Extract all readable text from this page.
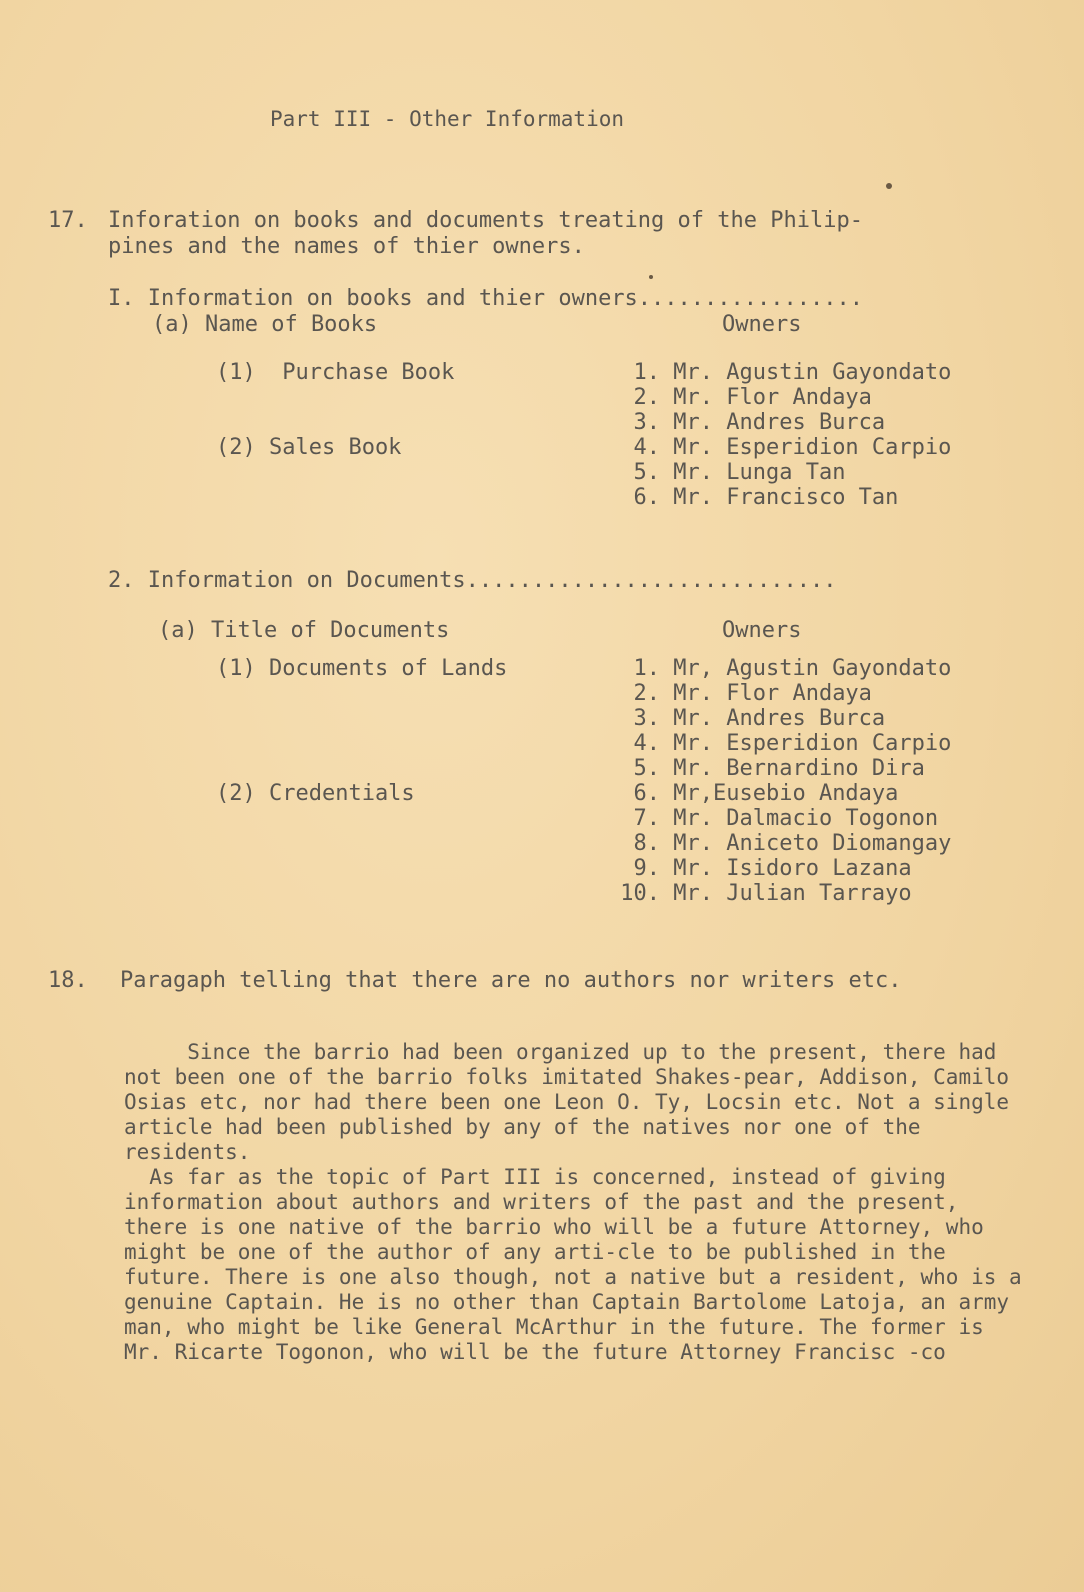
Part III - Other Information
17. Inforation on books and documents treating of the Philip-
pines and the names of thier owners.
I. Information on books and thier owners.................
(a) Name of Books	Owners
(1)  Purchase Book
(2) Sales Book
1. Mr. Agustin Gayondato
2. Mr. Flor Andaya
3. Mr. Andres Burca
4. Mr. Esperidion Carpio
5. Mr. Lunga Tan
6. Mr. Francisco Tan
2. Information on Documents............................
(a) Title of Documents	Owners
(1) Documents of Lands
(2) Credentials
1. Mr, Agustin Gayondato
2. Mr. Flor Andaya
3. Mr. Andres Burca
4. Mr. Esperidion Carpio
5. Mr. Bernardino Dira
6. Mr,Eusebio Andaya
7. Mr. Dalmacio Togonon
8. Mr. Aniceto Diomangay
9. Mr. Isidoro Lazana
10. Mr. Julian Tarrayo
18. Paragaph telling that there are no authors nor writers etc.

Since the barrio had been organized up to the present, there had not been one of the barrio folks imitated Shakes-pear, Addison, Camilo Osias etc, nor had there been one Leon O. Ty, Locsin etc. Not a single article had been published by any of the natives nor one of the residents.

As far as the topic of Part III is concerned, instead of giving information about authors and writers of the past and the present, there is one native of the barrio who will be a future Attorney, who might be one of the author of any arti-cle to be published in the future. There is one also though, not a native but a resident, who is a genuine Captain. He is no other than Captain Bartolome Latoja, an army man, who might be like General McArthur in the future. The former is Mr. Ricarte Togonon, who will be the future Attorney Francisc -co
